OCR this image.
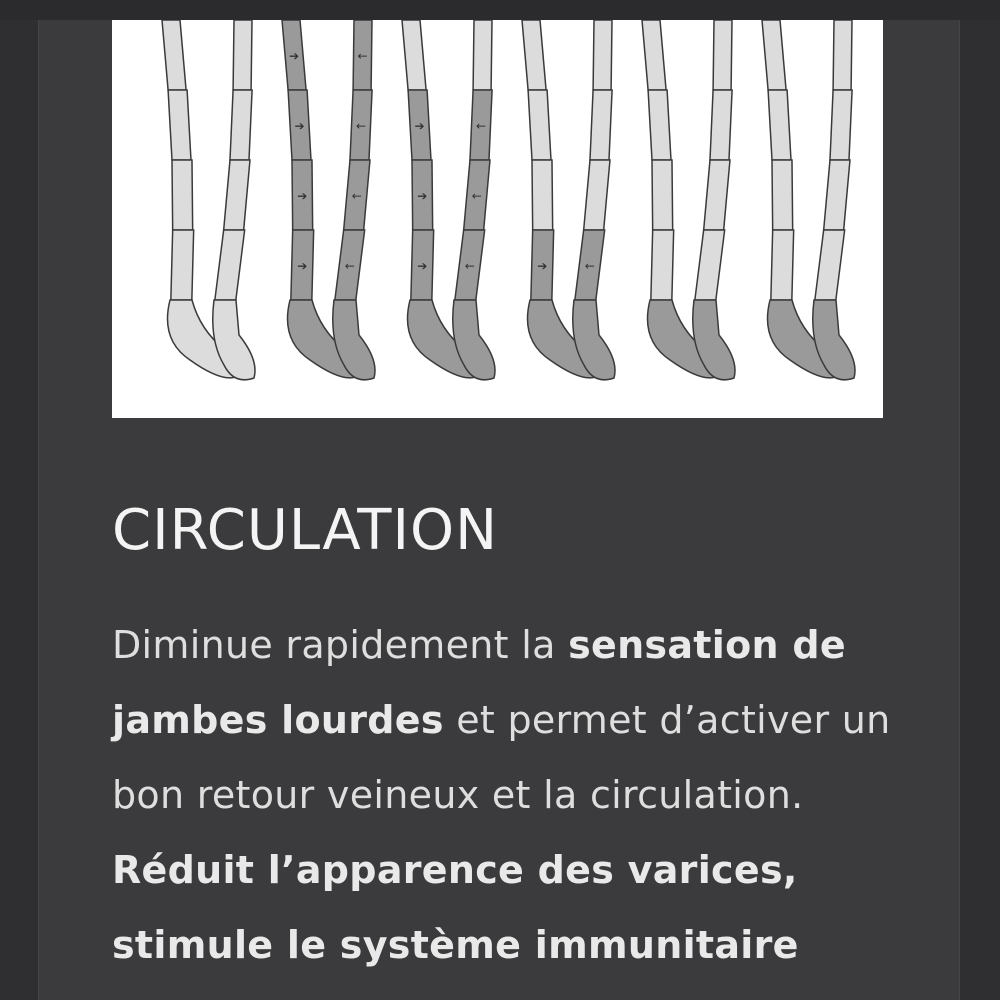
➔
➔
➔
➔
←
←
←
←
➔
➔
➔
←
←
←	➔	←
CIRCULATION

Diminue rapidement la sensation de jambes lourdes et permet d’activer un bon retour veineux et la circulation.
Réduit l’apparence des varices,
stimule le système immunitaire
